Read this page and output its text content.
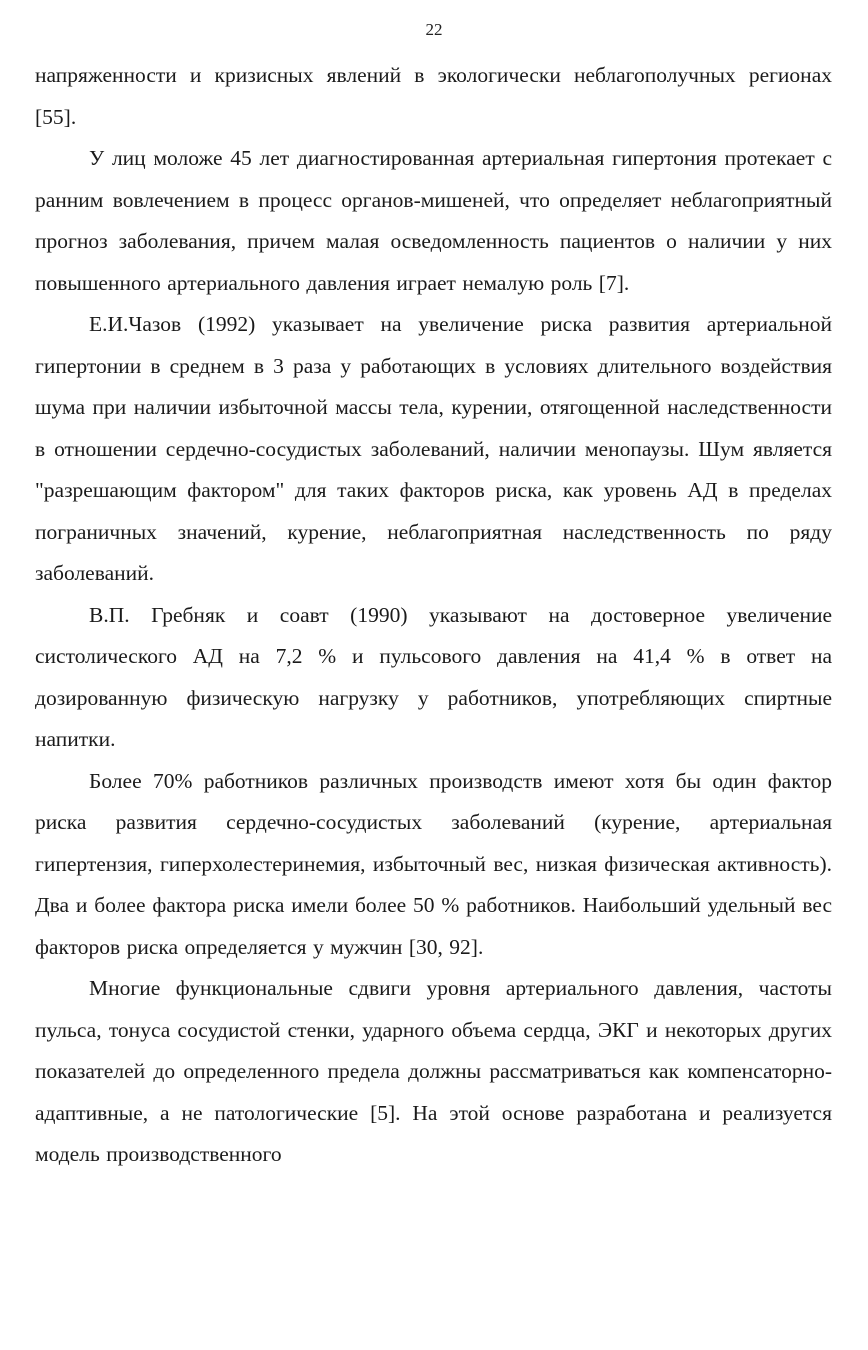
22

напряженности и кризисных явлений в экологически неблагополучных регионах [55].

У лиц моложе 45 лет диагностированная артериальная гипертония протекает с ранним вовлечением в процесс органов-мишеней, что определяет неблагоприятный прогноз заболевания, причем малая осведомленность пациентов о наличии у них повышенного артериального давления играет немалую роль [7].

Е.И.Чазов (1992) указывает на увеличение риска развития артериальной гипертонии в среднем в 3 раза у работающих в условиях длительного воздействия шума при наличии избыточной массы тела, курении, отягощенной наследственности в отношении сердечно-сосудистых заболеваний, наличии менопаузы. Шум является "разрешающим фактором" для таких факторов риска, как уровень АД в пределах пограничных значений, курение, неблагоприятная наследственность по ряду заболеваний.

В.П. Гребняк и соавт (1990) указывают на достоверное увеличение систолического АД на 7,2 % и пульсового давления на 41,4 % в ответ на дозированную физическую нагрузку у работников, употребляющих спиртные напитки.

Более 70% работников различных производств имеют хотя бы один фактор риска развития сердечно-сосудистых заболеваний (курение, артериальная гипертензия, гиперхолестеринемия, избыточный вес, низкая физическая активность). Два и более фактора риска имели более 50 % работников. Наибольший удельный вес факторов риска определяется у мужчин [30, 92].

Многие функциональные сдвиги уровня артериального давления, частоты пульса, тонуса сосудистой стенки, ударного объема сердца, ЭКГ и некоторых других показателей до определенного предела должны рассматриваться как компенсаторно-адаптивные, а не патологические [5]. На этой основе разработана и реализуется модель производственного
